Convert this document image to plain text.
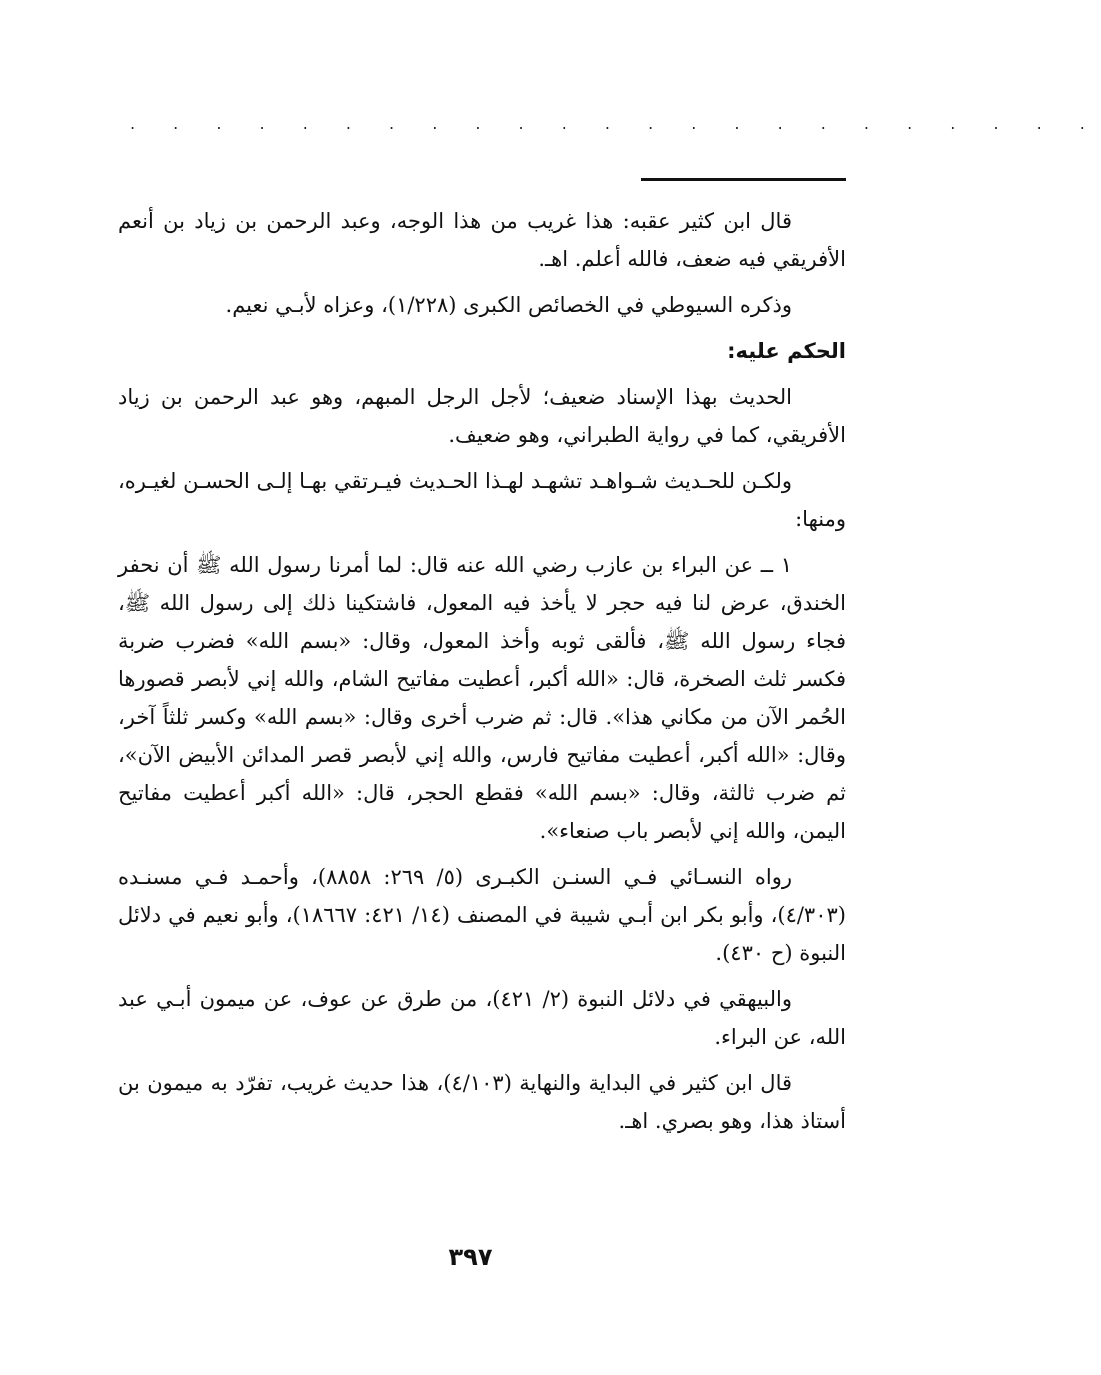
. . . . . . . . . . . . . . . . . . . . . . .

قال ابن كثير عقبه: هذا غريب من هذا الوجه، وعبد الرحمن بن زياد بن أنعم الأفريقي فيه ضعف، فالله أعلم. اهـ.

وذكره السيوطي في الخصائص الكبرى (١/٢٢٨)، وعزاه لأبـي نعيم.

الحكم عليه:

الحديث بهذا الإسناد ضعيف؛ لأجل الرجل المبهم، وهو عبد الرحمن بن زياد الأفريقي، كما في رواية الطبراني، وهو ضعيف.

ولكـن للحـديث شـواهـد تشهـد لهـذا الحـديث فيـرتقي بهـا إلـى الحسـن لغيـره، ومنها:

١ ــ عن البراء بن عازب رضي الله عنه قال: لما أمرنا رسول الله ﷺ أن نحفر الخندق، عرض لنا فيه حجر لا يأخذ فيه المعول، فاشتكينا ذلك إلى رسول الله ﷺ، فجاء رسول الله ﷺ، فألقى ثوبه وأخذ المعول، وقال: «بسم الله» فضرب ضربة فكسر ثلث الصخرة، قال: «الله أكبر، أعطيت مفاتيح الشام، والله إني لأبصر قصورها الحُمر الآن من مكاني هذا». قال: ثم ضرب أخرى وقال: «بسم الله» وكسر ثلثاً آخر، وقال: «الله أكبر، أعطيت مفاتيح فارس، والله إني لأبصر قصر المدائن الأبيض الآن»، ثم ضرب ثالثة، وقال: «بسم الله» فقطع الحجر، قال: «الله أكبر أعطيت مفاتيح اليمن، والله إني لأبصر باب صنعاء».

رواه النسـائي فـي السنـن الكبـرى (٥/ ٢٦٩: ٨٨٥٨)، وأحمـد فـي مسنـده (٤/٣٠٣)، وأبو بكر ابن أبـي شيبة في المصنف (١٤/ ٤٢١: ١٨٦٦٧)، وأبو نعيم في دلائل النبوة (ح ٤٣٠).

والبيهقي في دلائل النبوة (٢/ ٤٢١)، من طرق عن عوف، عن ميمون أبـي عبد الله، عن البراء.

قال ابن كثير في البداية والنهاية (٤/١٠٣)، هذا حديث غريب، تفرّد به ميمون بن أستاذ هذا، وهو بصري. اهـ.

٣٩٧
